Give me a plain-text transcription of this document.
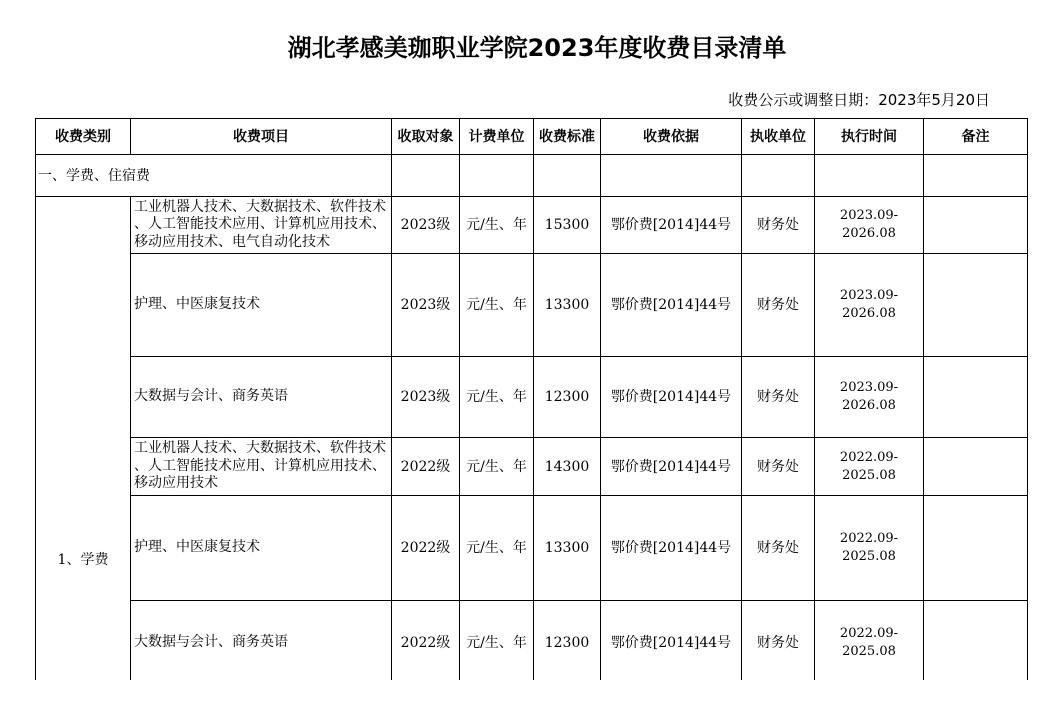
湖北孝感美珈职业学院2023年度收费目录清单
收费公示或调整日期：2023年5月20日
收费类别	收费项目	收取对象	计费单位	收费标准	收费依据	执收单位	执行时间	备注
一、学费、住宿费								
1、学费	工业机器人技术、大数据技术、软件技术、人工智能技术应用、计算机应用技术、移动应用技术、电气自动化技术	2023级	元/生、年	15300	鄂价费[2014]44号	财务处	2023.09-
2026.08	
	护理、中医康复技术	2023级	元/生、年	13300	鄂价费[2014]44号	财务处	2023.09-
2026.08	
	大数据与会计、商务英语	2023级	元/生、年	12300	鄂价费[2014]44号	财务处	2023.09-
2026.08	
	工业机器人技术、大数据技术、软件技术、人工智能技术应用、计算机应用技术、移动应用技术	2022级	元/生、年	14300	鄂价费[2014]44号	财务处	2022.09-
2025.08	
	护理、中医康复技术	2022级	元/生、年	13300	鄂价费[2014]44号	财务处	2022.09-
2025.08	
	大数据与会计、商务英语	2022级	元/生、年	12300	鄂价费[2014]44号	财务处	2022.09-
2025.08	
